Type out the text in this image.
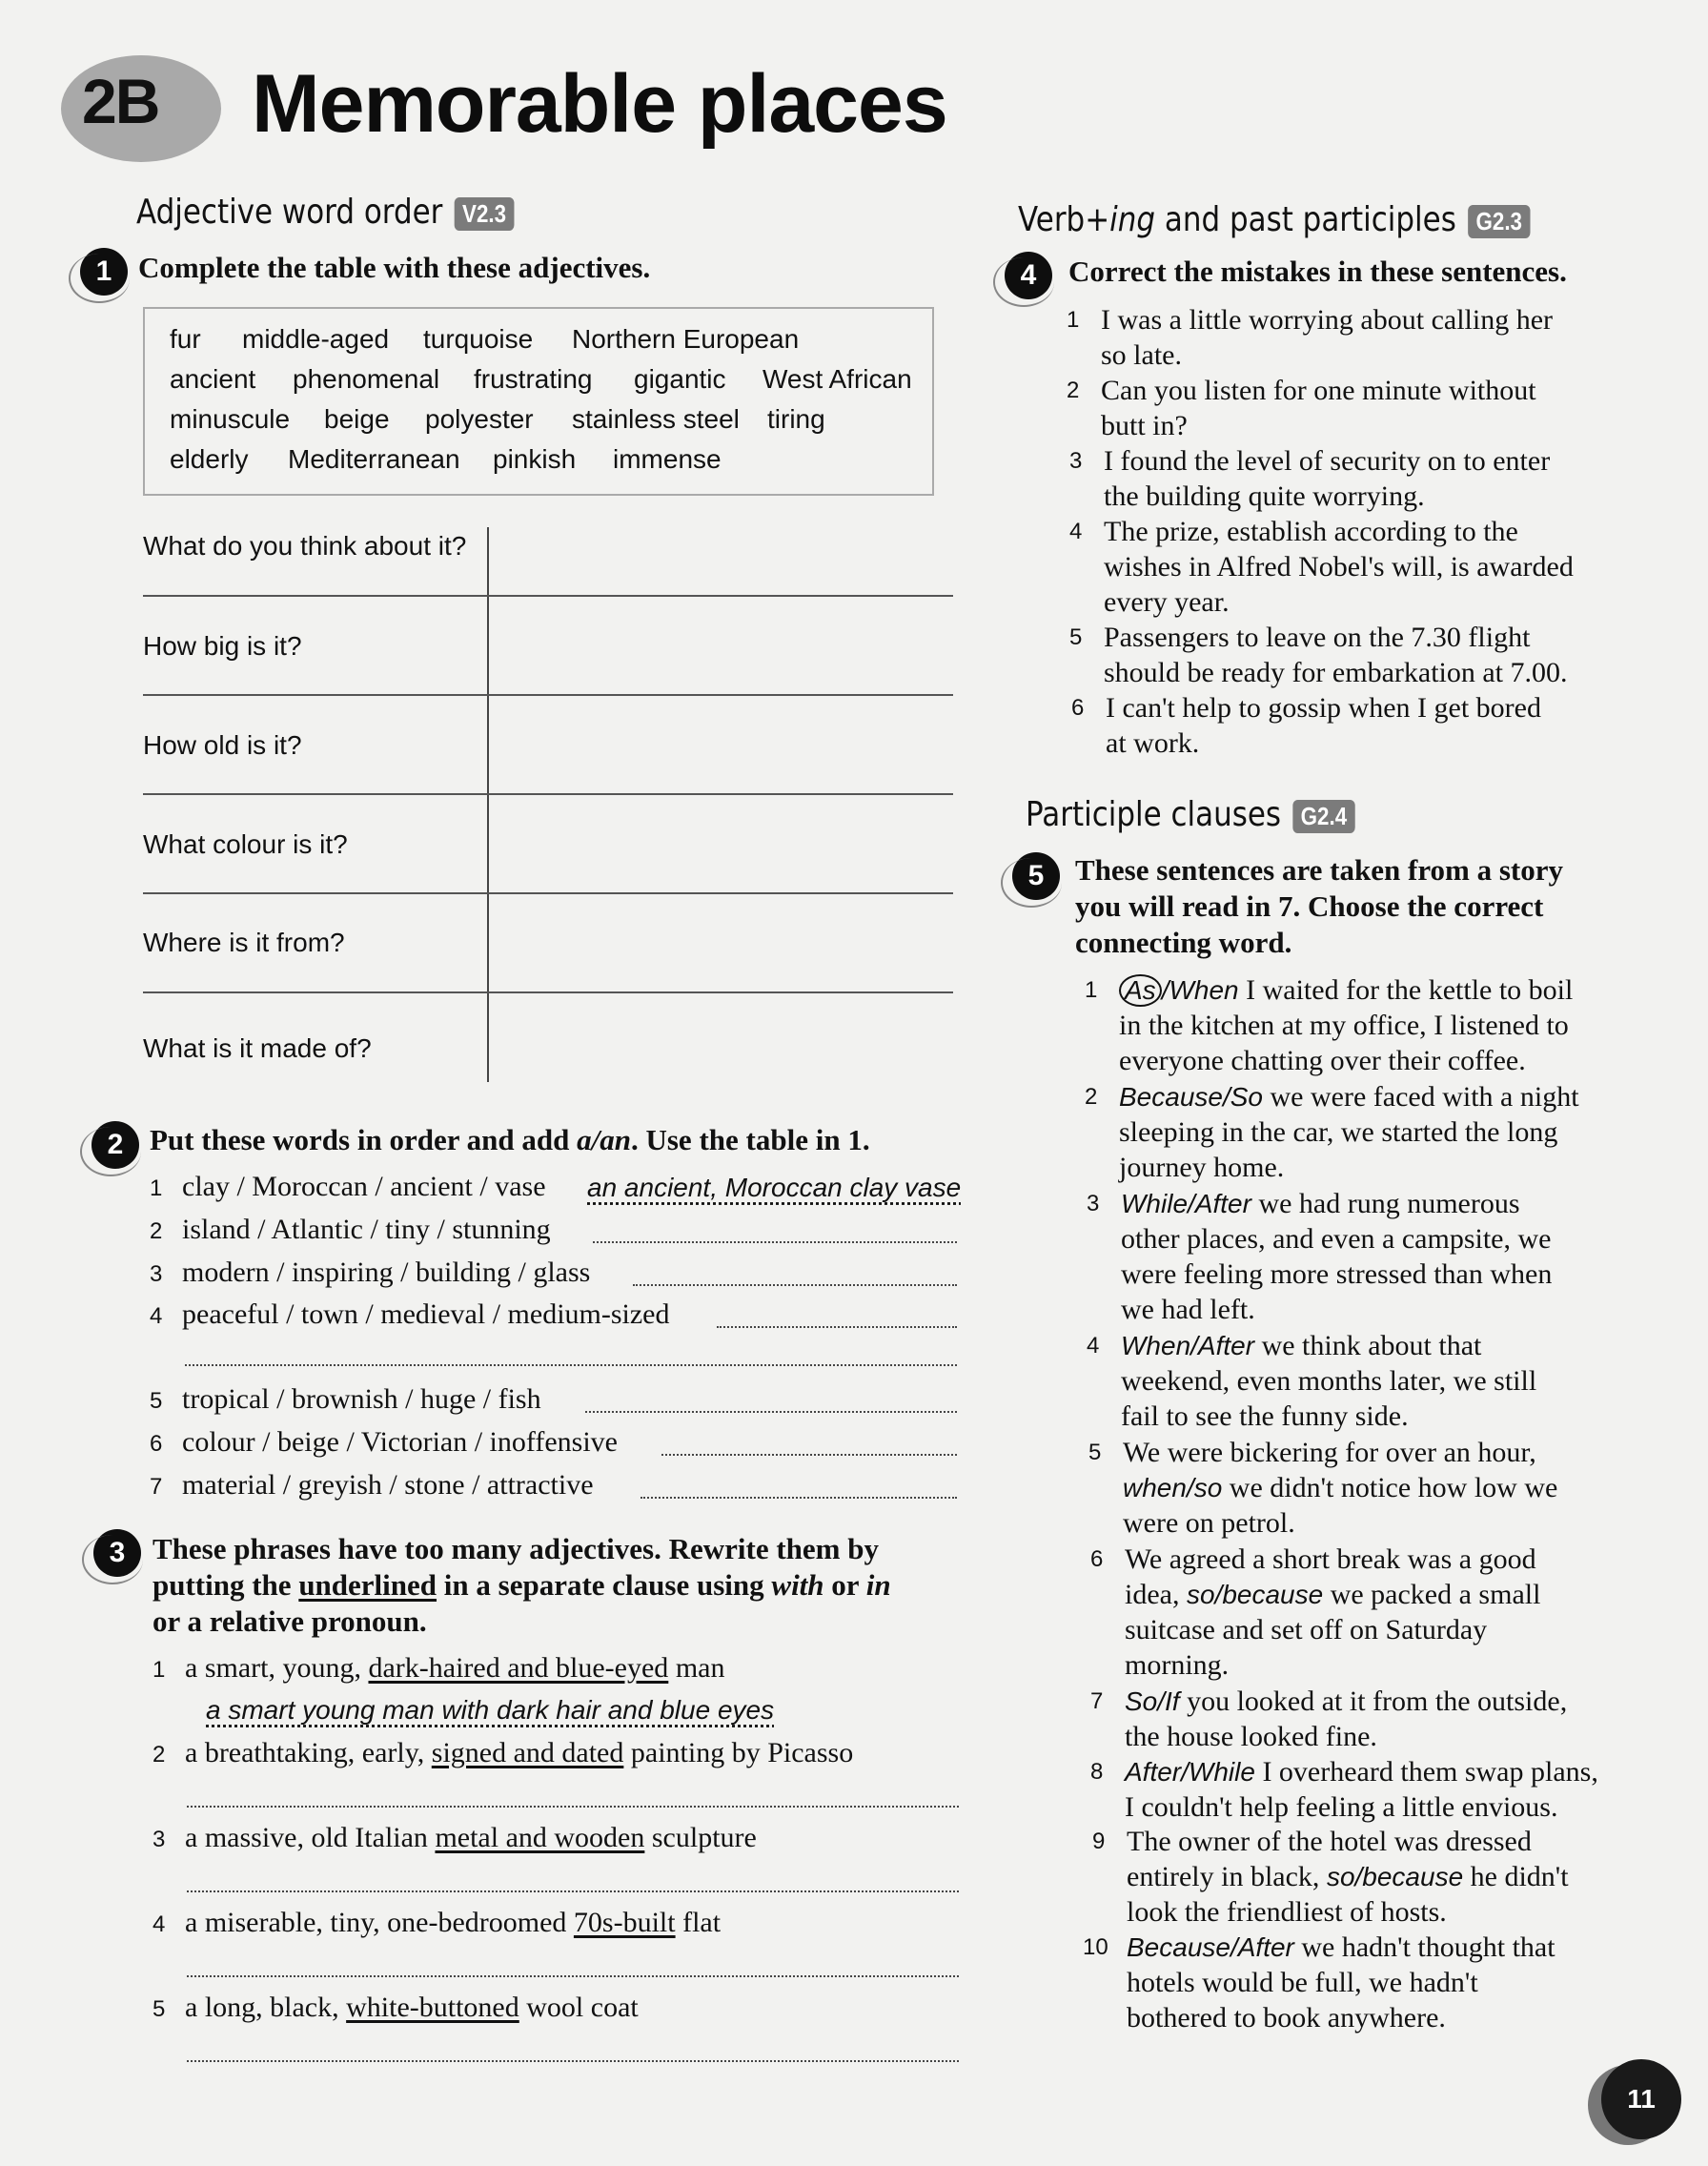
2B Memorable places
Adjective word order V2.3
1 Complete the table with these adjectives.
fur middle-aged turquoise Northern European
ancient phenomenal frustrating gigantic West African
minuscule beige polyester stainless steel tiring
elderly Mediterranean pinkish immense
What do you think about it?
How big is it?
How old is it?
What colour is it?
Where is it from?
What is it made of?
2 Put these words in order and add a/an. Use the table in 1.
1 clay / Moroccan / ancient / vase an ancient, Moroccan clay vase
2 island / Atlantic / tiny / stunning
3 modern / inspiring / building / glass
4 peaceful / town / medieval / medium-sized
5 tropical / brownish / huge / fish
6 colour / beige / Victorian / inoffensive
7 material / greyish / stone / attractive
3 These phrases have too many adjectives. Rewrite them by
putting the underlined in a separate clause using with or in
or a relative pronoun.
1 a smart, young, dark-haired and blue-eyed man
a smart young man with dark hair and blue eyes
2 a breathtaking, early, signed and dated painting by Picasso
3 a massive, old Italian metal and wooden sculpture
4 a miserable, tiny, one-bedroomed 70s-built flat
5 a long, black, white-buttoned wool coat
Verb+ing and past participles G2.3
4	Correct the mistakes in these sentences.
1 I was a little worrying about calling her
so late.
2 Can you listen for one minute without
butt in?
3 I found the level of security on to enter
the building quite worrying.
4 The prize, establish according to the
wishes in Alfred Nobel's will, is awarded
every year.
5 Passengers to leave on the 7.30 flight
should be ready for embarkation at 7.00.
6 I can't help to gossip when I get bored
at work.
Participle clauses G2.4
5	These sentences are taken from a story
you will read in 7. Choose the correct
connecting word.
1 As /When I waited for the kettle to boil
in the kitchen at my office, I listened to
everyone chatting over their coffee.
2 Because/So we were faced with a night
sleeping in the car, we started the long
journey home.
3 While/After we had rung numerous
other places, and even a campsite, we
were feeling more stressed than when
we had left.
4 When/After we think about that
weekend, even months later, we still
fail to see the funny side.
5 We were bickering for over an hour,
when/so we didn't notice how low we
were on petrol.
6 We agreed a short break was a good
idea, so/because we packed a small
suitcase and set off on Saturday
morning.
7 So/If you looked at it from the outside,
the house looked fine.
8 After/While I overheard them swap plans,
I couldn't help feeling a little envious.
9 The owner of the hotel was dressed
entirely in black, so/because he didn't
look the friendliest of hosts.
10 Because/After we hadn't thought that
hotels would be full, we hadn't
bothered to book anywhere.
11
